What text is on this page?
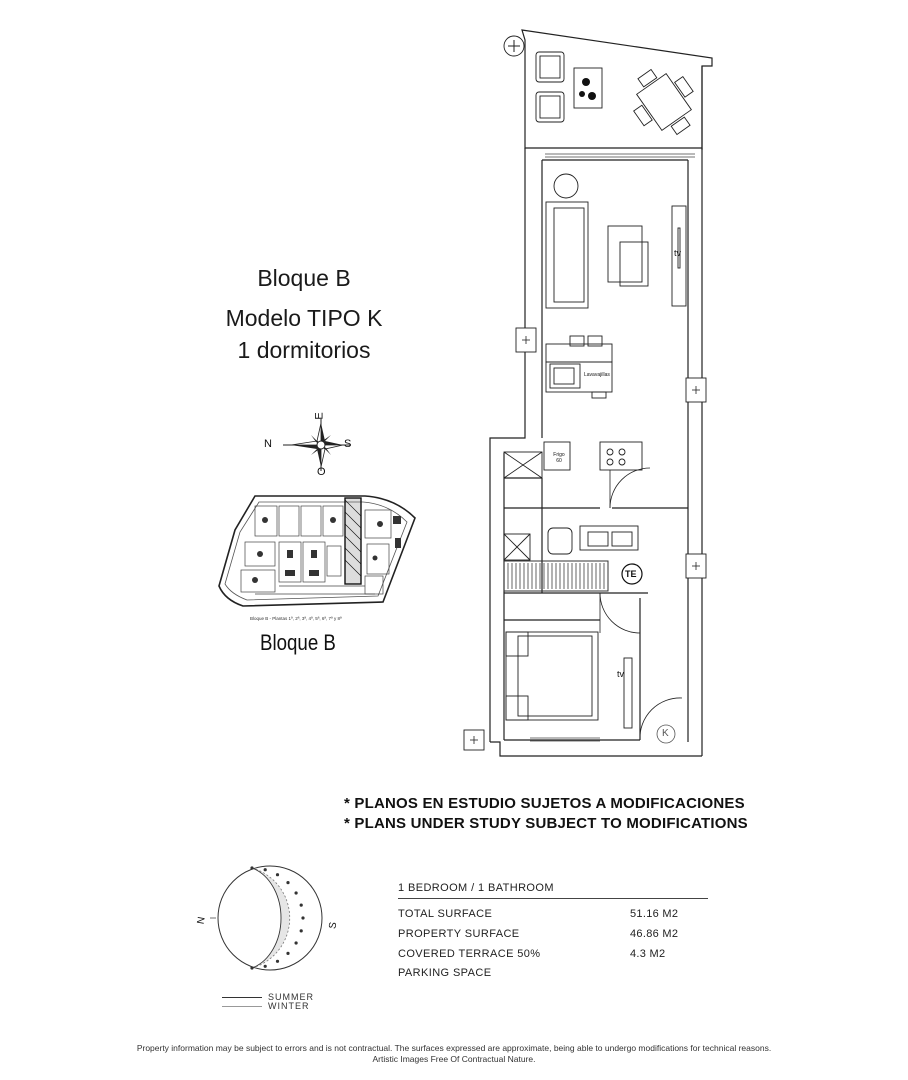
Bloque B
Modelo TIPO K
1 dormitorios
N	S
E
O
Bloque B - Plantas 1ª, 2ª, 3ª, 4ª, 5ª, 6ª, 7ª y 8ª
Bloque B
tv
tv
Lavavajillas
Frigo 60
TE
K
* PLANOS EN ESTUDIO SUJETOS A MODIFICACIONES
* PLANS UNDER STUDY SUBJECT TO MODIFICATIONS
N
S
SUMMER
WINTER
1 BEDROOM / 1 BATHROOM
TOTAL SURFACE	51.16 M2
PROPERTY SURFACE	46.86 M2
COVERED TERRACE 50%	4.3 M2
PARKING SPACE
Property information may be subject to errors and is not contractual. The surfaces expressed are approximate, being able to undergo modifications for technical reasons. Artistic Images Free Of Contractual Nature.
